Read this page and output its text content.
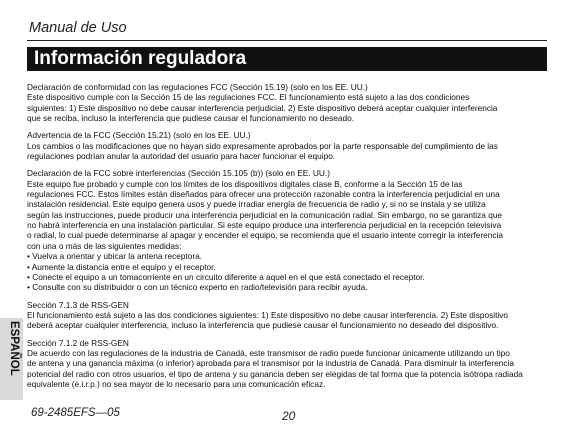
Manual de Uso
Información reguladora
Declaración de conformidad con las regulaciones FCC (Sección 15.19) (solo en los EE. UU.)
Este dispositivo cumple con la Sección 15 de las regulaciones FCC. El funcionamiento está sujeto a las dos condiciones
siguientes: 1) Este dispositivo no debe causar interferencia perjudicial. 2) Este dispositivo deberá aceptar cualquier interferencia
que se reciba, incluso la interferencia que pudiese causar el funcionamiento no deseado.
Advertencia de la FCC (Sección 15.21) (solo en los EE. UU.)
Los cambios o las modificaciones que no hayan sido expresamente aprobados por la parte responsable del cumplimiento de las
regulaciones podrían anular la autoridad del usuario para hacer funcionar el equipo.
Declaración de la FCC sobre interferencias (Sección 15.105 (b)) (solo en EE. UU.)
Este equipo fue probado y cumple con los límites de los dispositivos digitales clase B, conforme a la Sección 15 de las
regulaciones FCC. Estos límites están diseñados para ofrecer una protección razonable contra la interferencia perjudicial en una
instalación residencial. Este equipo genera usos y puede irradiar energía de frecuencia de radio y, si no se instala y se utiliza
según las instrucciones, puede producir una interferencia perjudicial en la comunicación radial. Sin embargo, no se garantiza que
no habrá interferencia en una instalación particular. Si este equipo produce una interferencia perjudicial en la recepción televisiva
o radial, lo cual puede determinarse al apagar y encender el equipo, se recomienda que el usuario intente corregir la interferencia
con una o más de las siguientes medidas:
• Vuelva a orientar y ubicar la antena receptora.
• Aumente la distancia entre el equipo y el receptor.
• Conecte el equipo a un tomacorriente en un circuito diferente a aquel en el que está conectado el receptor.
• Consulte con su distribuidor o con un técnico experto en radio/televisión para recibir ayuda.
Sección 7.1.3 de RSS-GEN
El funcionamiento está sujeto a las dos condiciones siguientes: 1) Este dispositivo no debe causar interferencia. 2) Este dispositivo
deberá aceptar cualquier interferencia, incluso la interferencia que pudiese causar el funcionamiento no deseado del dispositivo.
Sección 7.1.2 de RSS-GEN
De acuerdo con las regulaciones de la industria de Canadá, este transmisor de radio puede funcionar únicamente utilizando un tipo
de antena y una ganancia máxima (o inferior) aprobada para el transmisor por la industria de Canadá. Para disminuir la interferencia
potencial del radio con otros usuarios, el tipo de antena y su ganancia deben ser elegidas de tal forma que la potencia isótropa radiada
equivalente (e.i.r.p.) no sea mayor de lo necesario para una comunicación eficaz.
ESPAÑOL
69-2485EFS—05	20
